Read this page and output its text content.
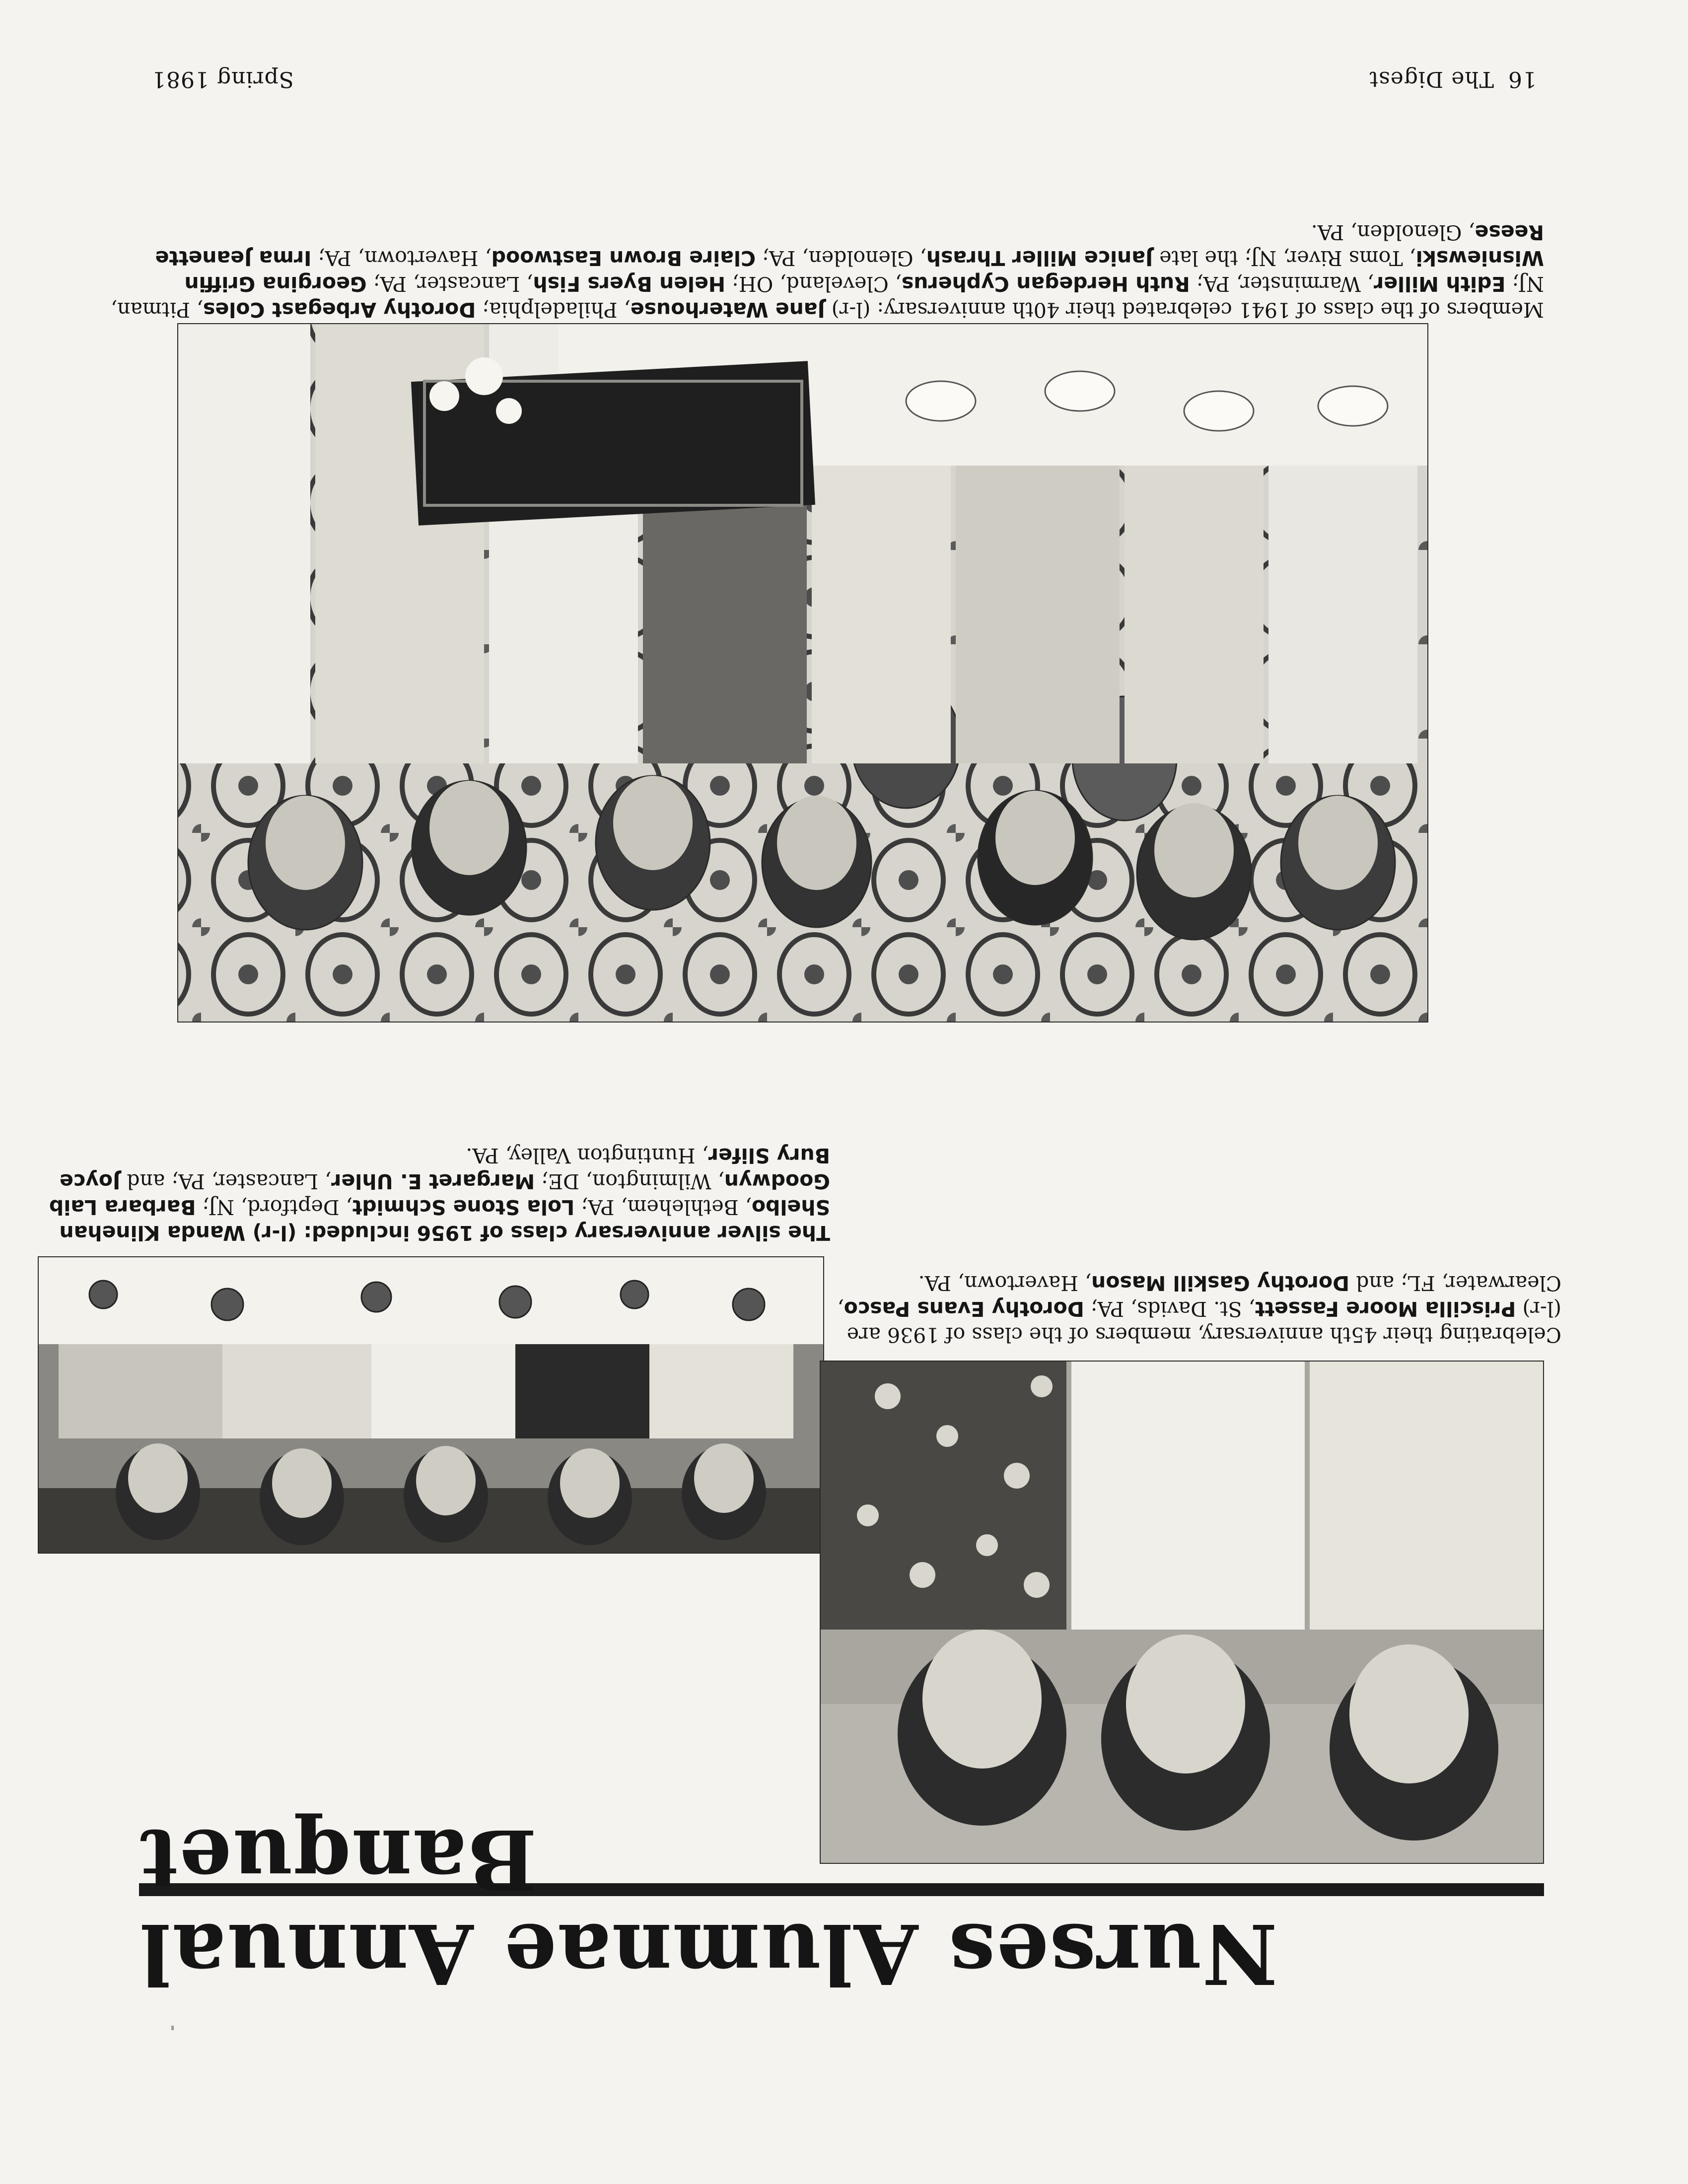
16The Digest
Spring 1981

Members of the class of 1941 celebrated their 40th anniversary: (l-r) Jane Waterhouse, Philadelphia; Dorothy Arbegast Coles, Pitman, NJ; Edith Miller, Warminster, PA; Ruth Herdegan Cypherus, Cleveland, OH; Helen Byers Fish, Lancaster, PA; Georgina Griffin Wisniewski, Toms River, NJ; the late Janice Miller Thrash, Glenolden, PA; Claire Brown Eastwood, Havertown, PA; Irma Jeanette Reese, Glenolden, PA.

The silver anniversary class of 1956 included: (l-r) Wanda Klinehan Shelbo, Bethlehem, PA; Lola Stone Schmidt, Deptford, NJ; Barbara Laib Goodwyn, Wilmington, DE; Margaret E. Uhler, Lancaster, PA; and Joyce Bury Slifer, Huntington Valley, PA.

Celebrating their 45th anniversary, members of the class of 1936 are (l-r) Priscilla Moore Fassett, St. Davids, PA; Dorothy Evans Pasco, Clearwater, FL; and Dorothy Gaskill Mason, Havertown, PA.

Nurses Alumnae Annual Banquet
